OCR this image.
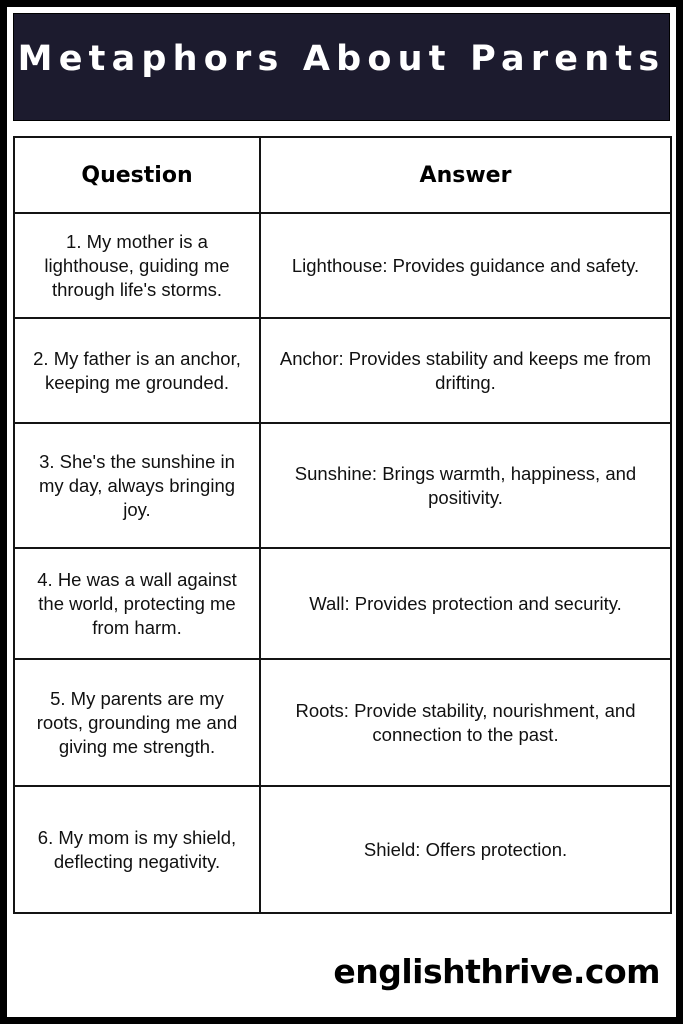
Metaphors About Parents
Question	Answer
1. My mother is a lighthouse, guiding me through life's storms.	Lighthouse: Provides guidance and safety.
2. My father is an anchor, keeping me grounded.	Anchor: Provides stability and keeps me from drifting.
3. She's the sunshine in my day, always bringing joy.	Sunshine: Brings warmth, happiness, and positivity.
4. He was a wall against the world, protecting me from harm.	Wall: Provides protection and security.
5. My parents are my roots, grounding me and giving me strength.	Roots: Provide stability, nourishment, and connection to the past.
6. My mom is my shield, deflecting negativity.	Shield: Offers protection.
englishthrive.com
